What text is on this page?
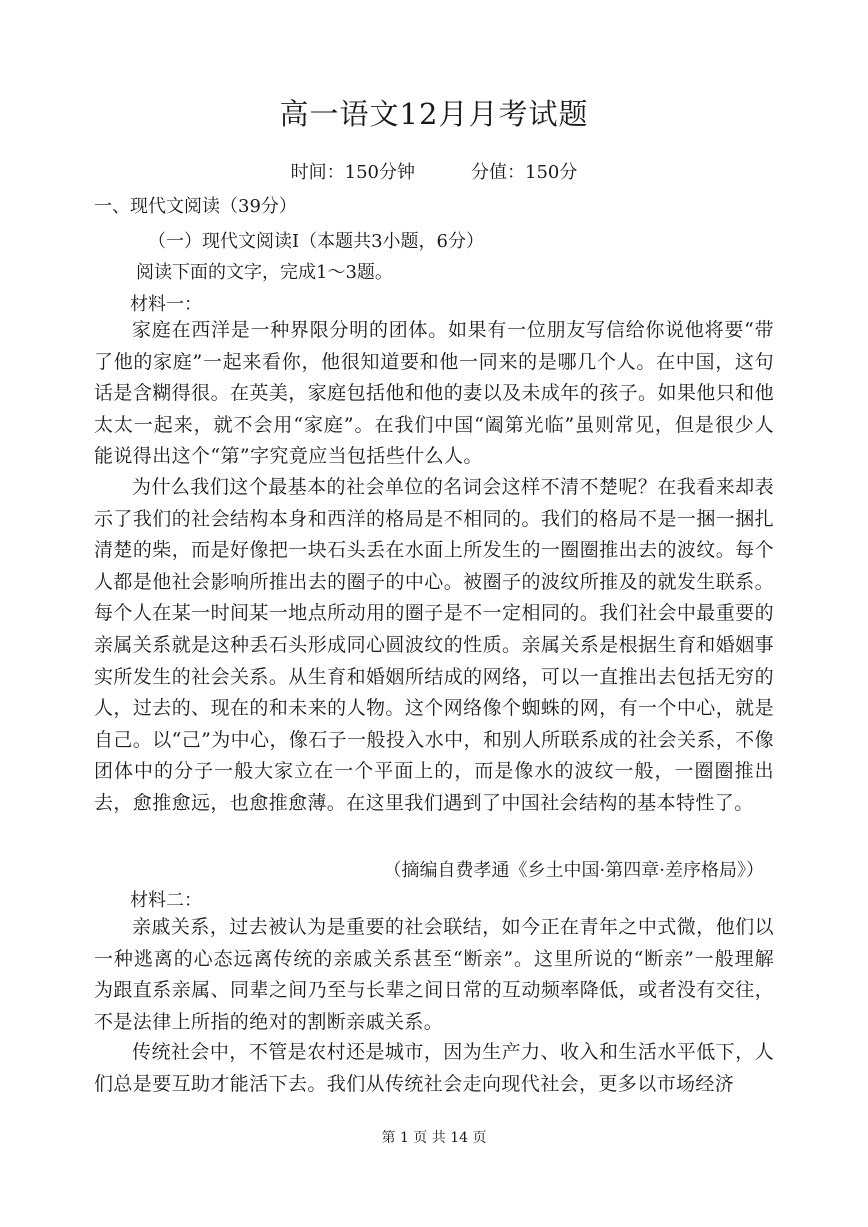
高一语文12月月考试题
时间：150分钟	分值：150分
一、现代文阅读（39分）
（一）现代文阅读Ⅰ（本题共3小题，6分）
阅读下面的文字，完成1～3题。
材料一：
家庭在西洋是一种界限分明的团体。如果有一位朋友写信给你说他将要“带了他的家庭”一起来看你，他很知道要和他一同来的是哪几个人。在中国，这句话是含糊得很。在英美，家庭包括他和他的妻以及未成年的孩子。如果他只和他太太一起来，就不会用“家庭”。在我们中国“阖第光临”虽则常见，但是很少人能说得出这个“第”字究竟应当包括些什么人。
为什么我们这个最基本的社会单位的名词会这样不清不楚呢？在我看来却表示了我们的社会结构本身和西洋的格局是不相同的。我们的格局不是一捆一捆扎清楚的柴，而是好像把一块石头丢在水面上所发生的一圈圈推出去的波纹。每个人都是他社会影响所推出去的圈子的中心。被圈子的波纹所推及的就发生联系。每个人在某一时间某一地点所动用的圈子是不一定相同的。我们社会中最重要的亲属关系就是这种丢石头形成同心圆波纹的性质。亲属关系是根据生育和婚姻事实所发生的社会关系。从生育和婚姻所结成的网络，可以一直推出去包括无穷的人，过去的、现在的和未来的人物。这个网络像个蜘蛛的网，有一个中心，就是自己。以“己”为中心，像石子一般投入水中，和别人所联系成的社会关系，不像团体中的分子一般大家立在一个平面上的，而是像水的波纹一般，一圈圈推出去，愈推愈远，也愈推愈薄。在这里我们遇到了中国社会结构的基本特性了。
（摘编自费孝通《乡土中国·第四章·差序格局》）
材料二：
亲戚关系，过去被认为是重要的社会联结，如今正在青年之中式微，他们以一种逃离的心态远离传统的亲戚关系甚至“断亲”。这里所说的“断亲”一般理解为跟直系亲属、同辈之间乃至与长辈之间日常的互动频率降低，或者没有交往，不是法律上所指的绝对的割断亲戚关系。
传统社会中，不管是农村还是城市，因为生产力、收入和生活水平低下，人们总是要互助才能活下去。我们从传统社会走向现代社会，更多以市场经济
第 1 页 共 14 页
